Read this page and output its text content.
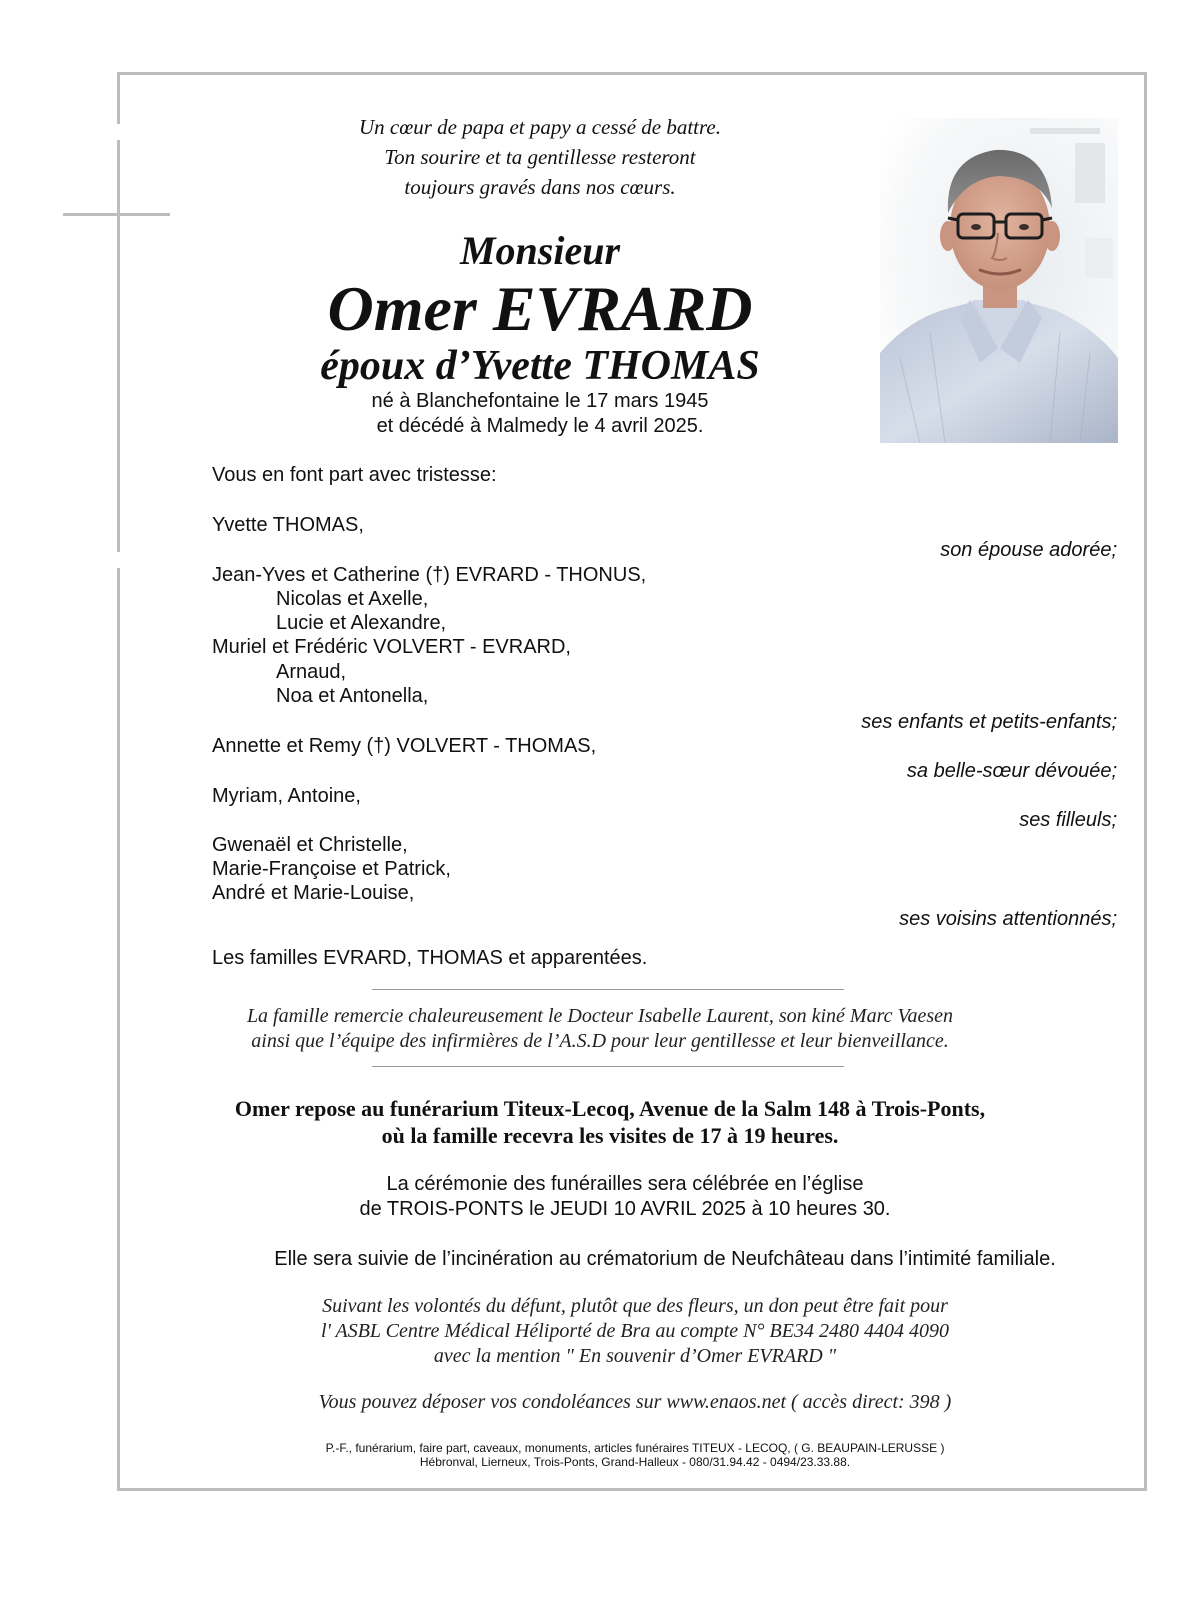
Un cœur de papa et papy a cessé de battre.
Ton sourire et ta gentillesse resteront
toujours gravés dans nos cœurs.
Monsieur
Omer EVRARD
époux d’Yvette THOMAS
né à Blanchefontaine le 17 mars 1945
et décédé à Malmedy le 4 avril 2025.
Vous en font part avec tristesse:
Yvette THOMAS,
son épouse adorée;
Jean-Yves et Catherine (†) EVRARD - THONUS,
Nicolas et Axelle,
Lucie et Alexandre,
Muriel et Frédéric VOLVERT - EVRARD,
Arnaud,
Noa et Antonella,
ses enfants et petits-enfants;
Annette et Remy (†) VOLVERT - THOMAS,
sa belle-sœur dévouée;
Myriam, Antoine,
ses filleuls;
Gwenaël et Christelle,
Marie-Françoise et Patrick,
André et Marie-Louise,
ses voisins attentionnés;
Les familles EVRARD, THOMAS et apparentées.
La famille remercie chaleureusement le Docteur Isabelle Laurent, son kiné Marc Vaesen
ainsi que l’équipe des infirmières de l’A.S.D pour leur gentillesse et leur bienveillance.
Omer repose au funérarium Titeux-Lecoq, Avenue de la Salm 148 à Trois-Ponts,
où la famille recevra les visites de 17 à 19 heures.
La cérémonie des funérailles sera célébrée en l’église
de TROIS-PONTS le JEUDI 10 AVRIL 2025 à 10 heures 30.
Elle sera suivie de l’incinération au crématorium de Neufchâteau dans l’intimité familiale.
Suivant les volontés du défunt, plutôt que des fleurs, un don peut être fait pour
l' ASBL Centre Médical Héliporté de Bra au compte N° BE34 2480 4404 4090
avec la mention " En souvenir d’Omer EVRARD "
Vous pouvez déposer vos condoléances sur www.enaos.net ( accès direct: 398 )
P.-F., funérarium, faire part, caveaux, monuments, articles funéraires TITEUX - LECOQ, ( G. BEAUPAIN-LERUSSE )
Hébronval, Lierneux, Trois-Ponts, Grand-Halleux - 080/31.94.42 - 0494/23.33.88.
